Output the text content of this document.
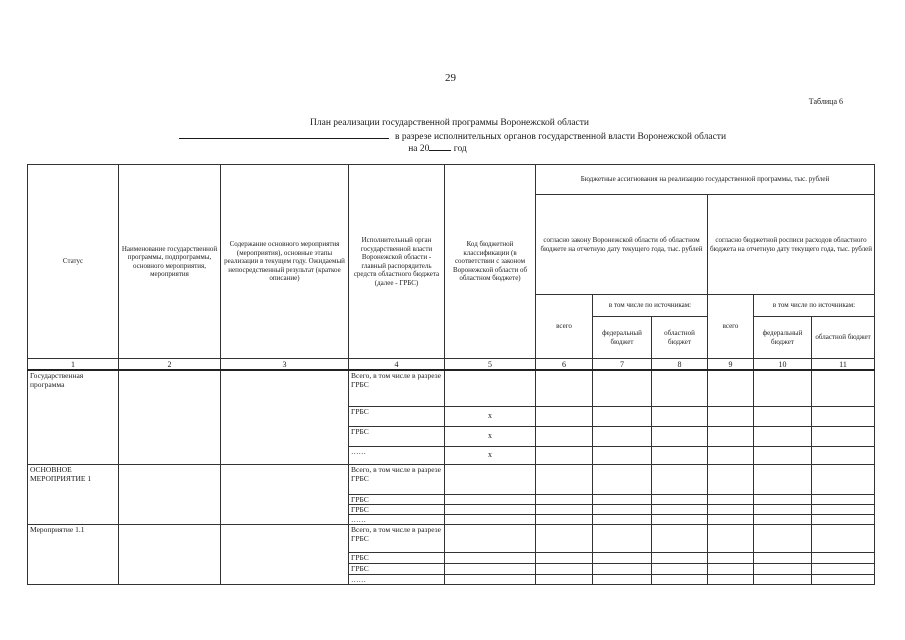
29
Таблица 6
План реализации государственной программы Воронежской области
в разрезе исполнительных органов государственной власти Воронежской области
на 20	год
Статус	Наименование государственной программы, подпрограммы, основного мероприятия, мероприятия	Содержание основного мероприятия (мероприятия), основные этапы реализации в текущем году. Ожидаемый непосредственный результат (краткое описание)	Исполнительный орган государственной власти Воронежской области - главный распорядитель средств областного бюджета (далее - ГРБС)	Код бюджетной классификации (в соответствии с законом Воронежской области об областном бюджете)	Бюджетные ассигнования на реализацию государственной программы, тыс. рублей					
					согласно закону Воронежской области об областном бюджете на отчетную дату текущего года, тыс. рублей			согласно бюджетной росписи расходов областного бюджета на отчетную дату текущего года, тыс. рублей		
					всего	в том числе по источникам:		всего	в том числе по источникам:	
						федеральный бюджет	областной бюджет		федеральный бюджет	областной бюджет
1	2	3	4	5	6	7	8	9	10	11
Государственная программа			Всего, в том числе в разрезе ГРБС							
			ГРБС	х						
			ГРБС	х						
			……	х						
ОСНОВНОЕ МЕРОПРИЯТИЕ 1			Всего, в том числе в разрезе ГРБС							
			ГРБС							
			ГРБС							
			……							
Мероприятие 1.1			Всего, в том числе в разрезе ГРБС							
			ГРБС							
			ГРБС							
			……							
